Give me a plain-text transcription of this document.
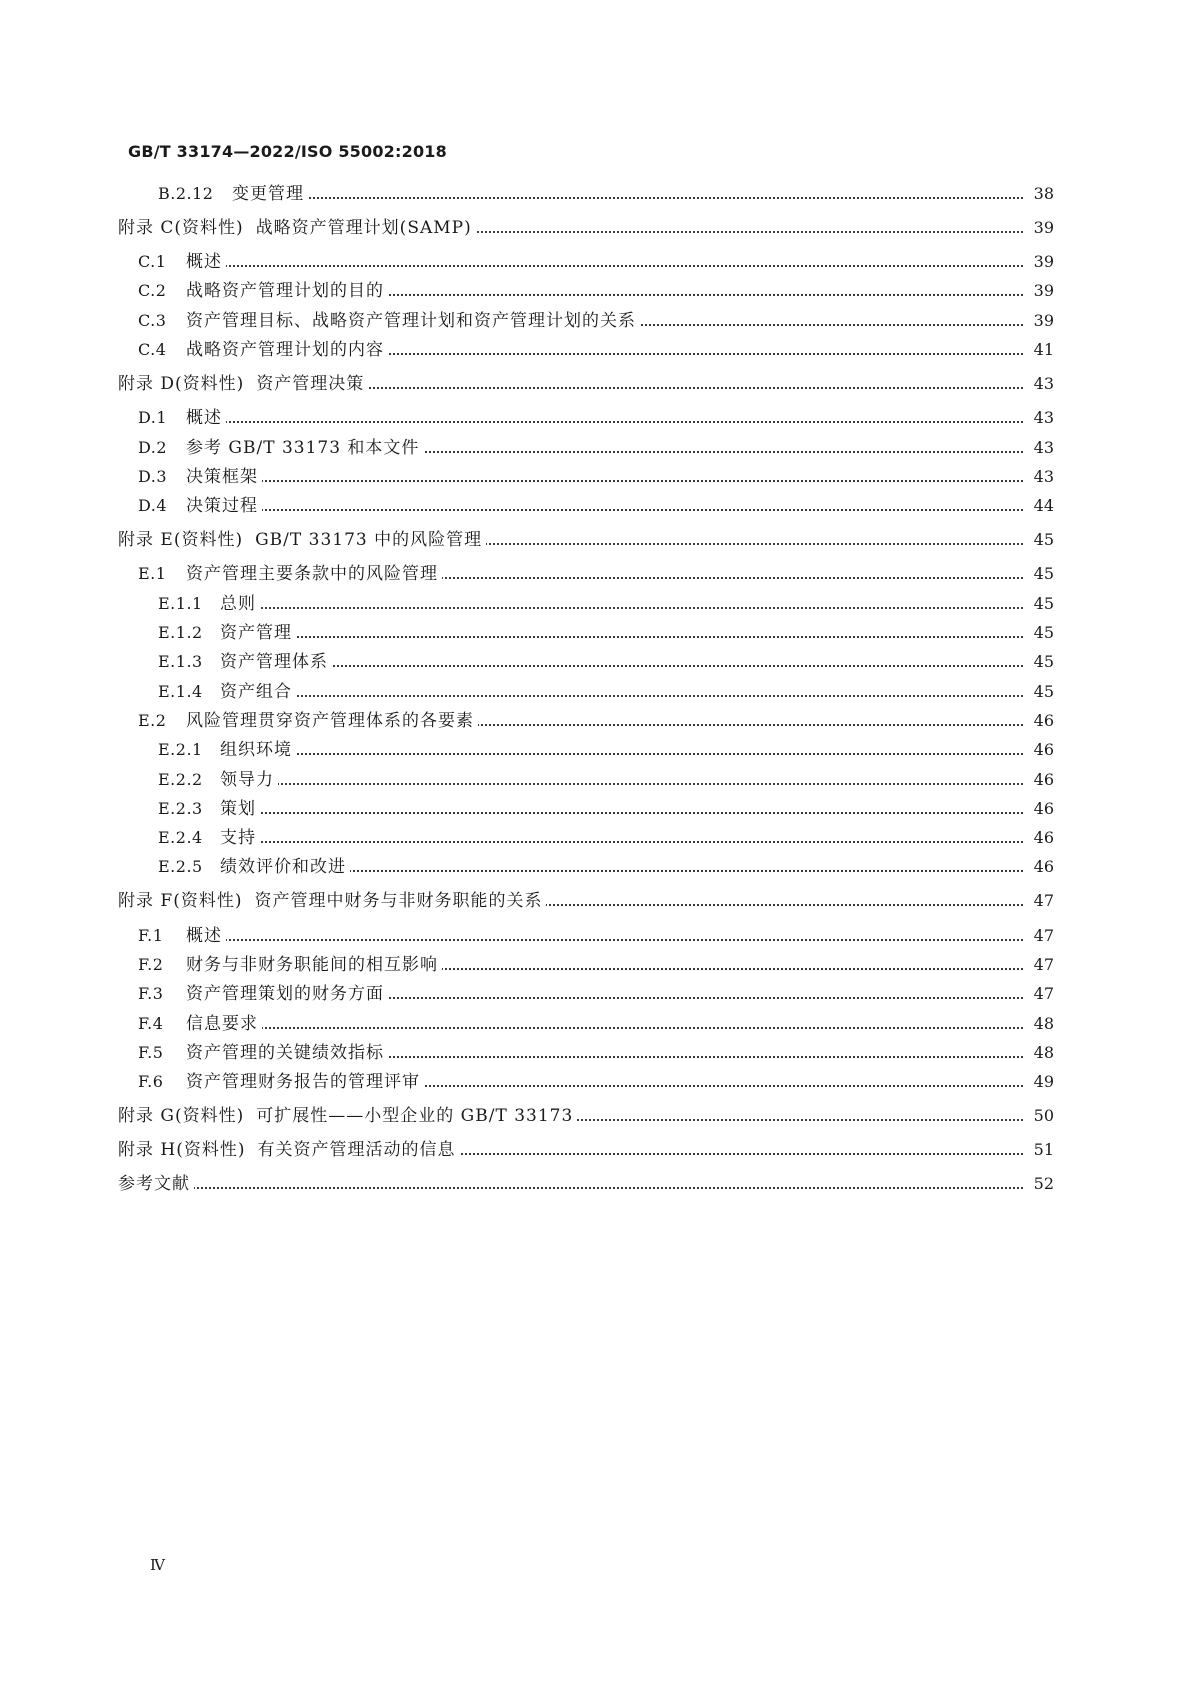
GB/T 33174—2022/ISO 55002:2018
B.2.12	变更管理	38
附录 C (资料性) 战略资产管理计划(SAMP)	39
C.1	概述	39
C.2	战略资产管理计划的目的	39
C.3	资产管理目标、战略资产管理计划和资产管理计划的关系	39
C.4	战略资产管理计划的内容	41
附录 D (资料性) 资产管理决策	43
D.1	概述	43
D.2	参考 GB/T 33173 和本文件	43
D.3	决策框架	43
D.4	决策过程	44
附录 E (资料性) GB/T 33173 中的风险管理	45
E.1	资产管理主要条款中的风险管理	45
E.1.1	总则	45
E.1.2	资产管理	45
E.1.3	资产管理体系	45
E.1.4	资产组合	45
E.2	风险管理贯穿资产管理体系的各要素	46
E.2.1	组织环境	46
E.2.2	领导力	46
E.2.3	策划	46
E.2.4	支持	46
E.2.5	绩效评价和改进	46
附录 F (资料性) 资产管理中财务与非财务职能的关系	47
F.1	概述	47
F.2	财务与非财务职能间的相互影响	47
F.3	资产管理策划的财务方面	47
F.4	信息要求	48
F.5	资产管理的关键绩效指标	48
F.6	资产管理财务报告的管理评审	49
附录 G (资料性) 可扩展性——小型企业的 GB/T 33173	50
附录 H (资料性) 有关资产管理活动的信息	51
参考文献	52
Ⅳ
